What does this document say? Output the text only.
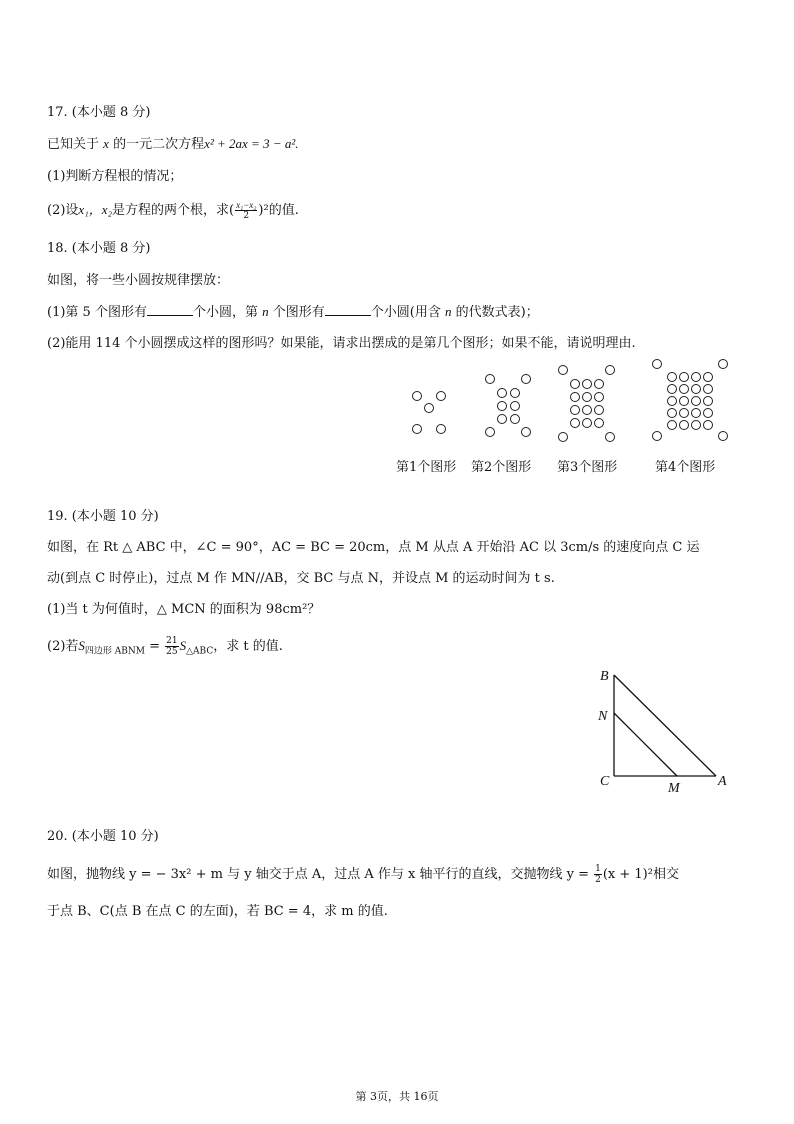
17. (本小题 8 分)
已知关于 x 的一元二次方程x² + 2ax = 3 − a².
(1)判断方程根的情况；
(2)设x₁，x₂是方程的两个根，求( $\frac{\text{x₁−x₂}}{2} )^2$的值.
18. (本小题 8 分)
如图，将一些小圆按规律摆放：
(1)第 5 个图形有	个小圆，第 n 个图形有	个小圆(用含 n 的代数式表)；
(2)能用 114 个小圆摆成这样的图形吗？如果能，请求出摆成的是第几个图形；如果不能，请说明理由.
第1个图形 第2个图形 第3个图形	第4个图形
19. (本小题 10 分)
如图，在 Rt △ ABC 中，∠C = 90°，AC = BC = 20cm，点 M 从点 A 开始沿 AC 以 3cm/s 的速度向点 C 运
动(到点 C 时停止)，过点 M 作 MN//AB，交 BC 与点 N，并设点 M 的运动时间为 t s.
(1)当 t 为何值时，△ MCN 的面积为 98cm²？
(2)若$S_{四边形 ABNM} = \frac{21}{25} S_{\triangle ABC}$，求 t 的值.
B
N
C	M	A
20. (本小题 10 分)
如图，抛物线 y = − 3x² + m 与 y 轴交于点 A，过点 A 作与 x 轴平行的直线，交抛物线 $y = \frac{1}{2} (x + 1)^2$相交
于点 B、C(点 B 在点 C 的左面)，若 BC = 4，求 m 的值.
第 3页，共 16页
